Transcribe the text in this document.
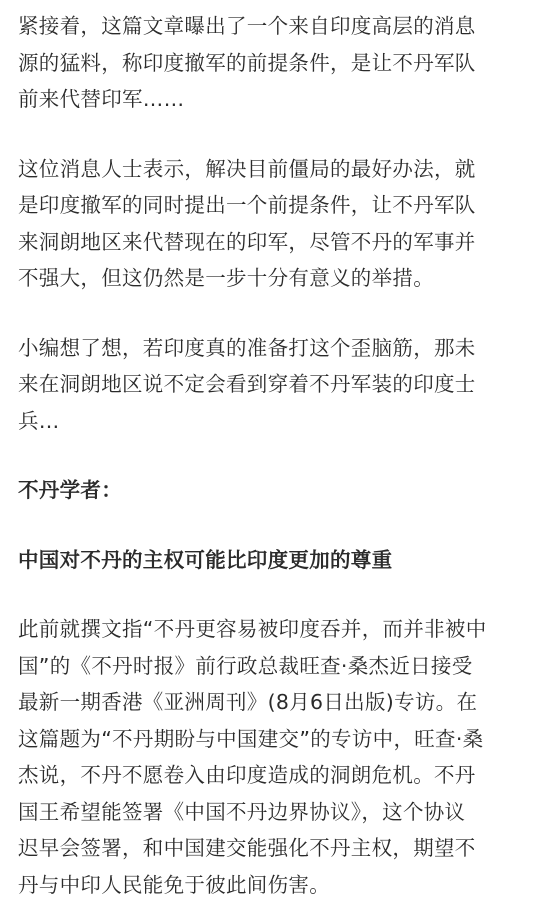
紧接着，这篇文章曝出了一个来自印度高层的消息
源的猛料，称印度撤军的前提条件，是让不丹军队
前来代替印军……

这位消息人士表示，解决目前僵局的最好办法，就
是印度撤军的同时提出一个前提条件，让不丹军队
来洞朗地区来代替现在的印军，尽管不丹的军事并
不强大，但这仍然是一步十分有意义的举措。

小编想了想，若印度真的准备打这个歪脑筋，那未
来在洞朗地区说不定会看到穿着不丹军装的印度士
兵…

不丹学者：

中国对不丹的主权可能比印度更加的尊重

此前就撰文指“不丹更容易被印度吞并，而并非被中
国”的《不丹时报》前行政总裁旺查·桑杰近日接受
最新一期香港《亚洲周刊》(8月6日出版)专访。在
这篇题为“不丹期盼与中国建交”的专访中，旺查·桑
杰说，不丹不愿卷入由印度造成的洞朗危机。不丹
国王希望能签署《中国不丹边界协议》，这个协议
迟早会签署，和中国建交能强化不丹主权，期望不
丹与中印人民能免于彼此间伤害。
